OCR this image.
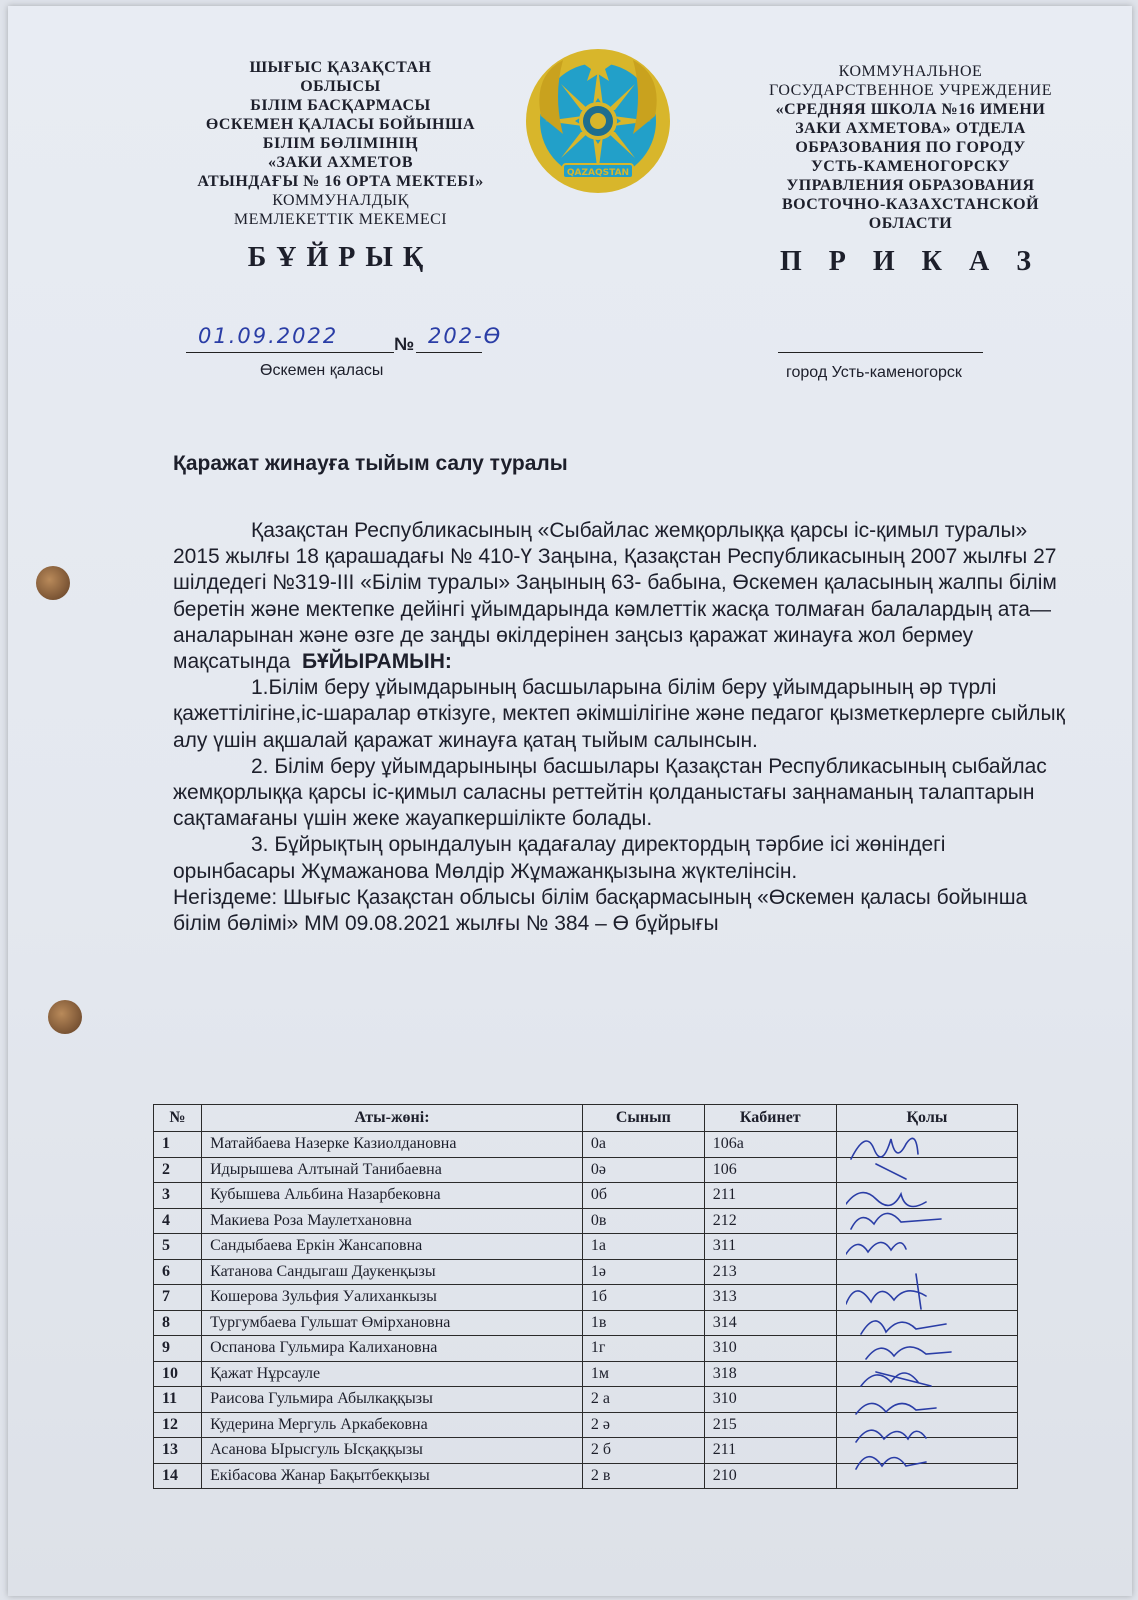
ШЫҒЫС ҚАЗАҚСТАН
ОБЛЫСЫ
БІЛІМ БАСҚАРМАСЫ
ӨСКЕМЕН ҚАЛАСЫ БОЙЫНША
БІЛІМ БӨЛІМІНІҢ
«ЗАКИ АХМЕТОВ
АТЫНДАҒЫ № 16 ОРТА МЕКТЕБІ»
КОММУНАЛДЫҚ
МЕМЛЕКЕТТІК МЕКЕМЕСІ
БҰЙРЫҚ
QAZAQSTAN
КОММУНАЛЬНОЕ
ГОСУДАРСТВЕННОЕ УЧРЕЖДЕНИЕ
«СРЕДНЯЯ ШКОЛА №16 ИМЕНИ
ЗАКИ АХМЕТОВА» ОТДЕЛА
ОБРАЗОВАНИЯ ПО ГОРОДУ
УСТЬ-КАМЕНОГОРСКУ
УПРАВЛЕНИЯ ОБРАЗОВАНИЯ
ВОСТОЧНО-КАЗАХСТАНСКОЙ
ОБЛАСТИ
П Р И К А З
01.09.2022	№ 202-Ө
Өскемен қаласы	город Усть-каменогорск
Қаражат жинауға тыйым салу туралы

Қазақстан Республикасының «Сыбайлас жемқорлыққа қарсы іс-қимыл туралы» 2015 жылғы 18 қарашадағы № 410-Ү Заңына, Қазақстан Республикасының 2007 жылғы 27 шілдедегі №319-ІІІ «Білім туралы» Заңының 63- бабына, Өскемен қаласының жалпы білім беретін және мектепке дейінгі ұйымдарында кәмлеттік жасқа толмаған балалардың ата—аналарынан және өзге де заңды өкілдерінен заңсыз қаражат жинауға жол бермеу мақсатында БҰЙЫРАМЫН:

1.Білім беру ұйымдарының басшыларына білім беру ұйымдарының әр түрлі қажеттілігіне,іс-шаралар өткізуге, мектеп әкімшілігіне және педагог қызметкерлерге сыйлық алу үшін ақшалай қаражат жинауға қатаң тыйым салынсын.

2. Білім беру ұйымдарыныңы басшылары Қазақстан Республикасының сыбайлас жемқорлыққа қарсы іс-қимыл саласны реттейтін қолданыстағы заңнаманың талаптарын сақтамағаны үшін жеке жауапкершілікте болады.

3. Бұйрықтың орындалуын қадағалау директордың тәрбие ісі жөніндегі орынбасары Жұмажанова Мөлдір Жұмажанқызына жүктелінсін.

Негіздеме: Шығыс Қазақстан облысы білім басқармасының «Өскемен қаласы бойынша білім бөлімі» ММ 09.08.2021 жылғы № 384 – Ө бұйрығы

№	Аты-жөні:	Сынып	Кабинет	Қолы
1	Матайбаева Назерке Казиолдановна	0а	106а	
2	Идырышева Алтынай Танибаевна	0ә	106	
3	Кубышева Альбина Назарбековна	0б	211	
4	Макиева Роза Маулетхановна	0в	212	
5	Сандыбаева Еркін Жансаповна	1а	311	
6	Катанова Сандыгаш Даукенқызы	1ә	213	
7	Кошерова Зульфия Уалиханкызы	1б	313	
8	Тургумбаева Гульшат Өмірхановна	1в	314	
9	Оспанова Гульмира Калихановна	1г	310	
10	Қажат Нұрсауле	1м	318	
11	Раисова Гульмира Абылкаққызы	2 а	310	
12	Кудерина Мергуль Аркабековна	2 ә	215	
13	Асанова Ырысгуль Ысқаққызы	2 б	211	
14	Екібасова Жанар Бақытбекқызы	2 в	210	
